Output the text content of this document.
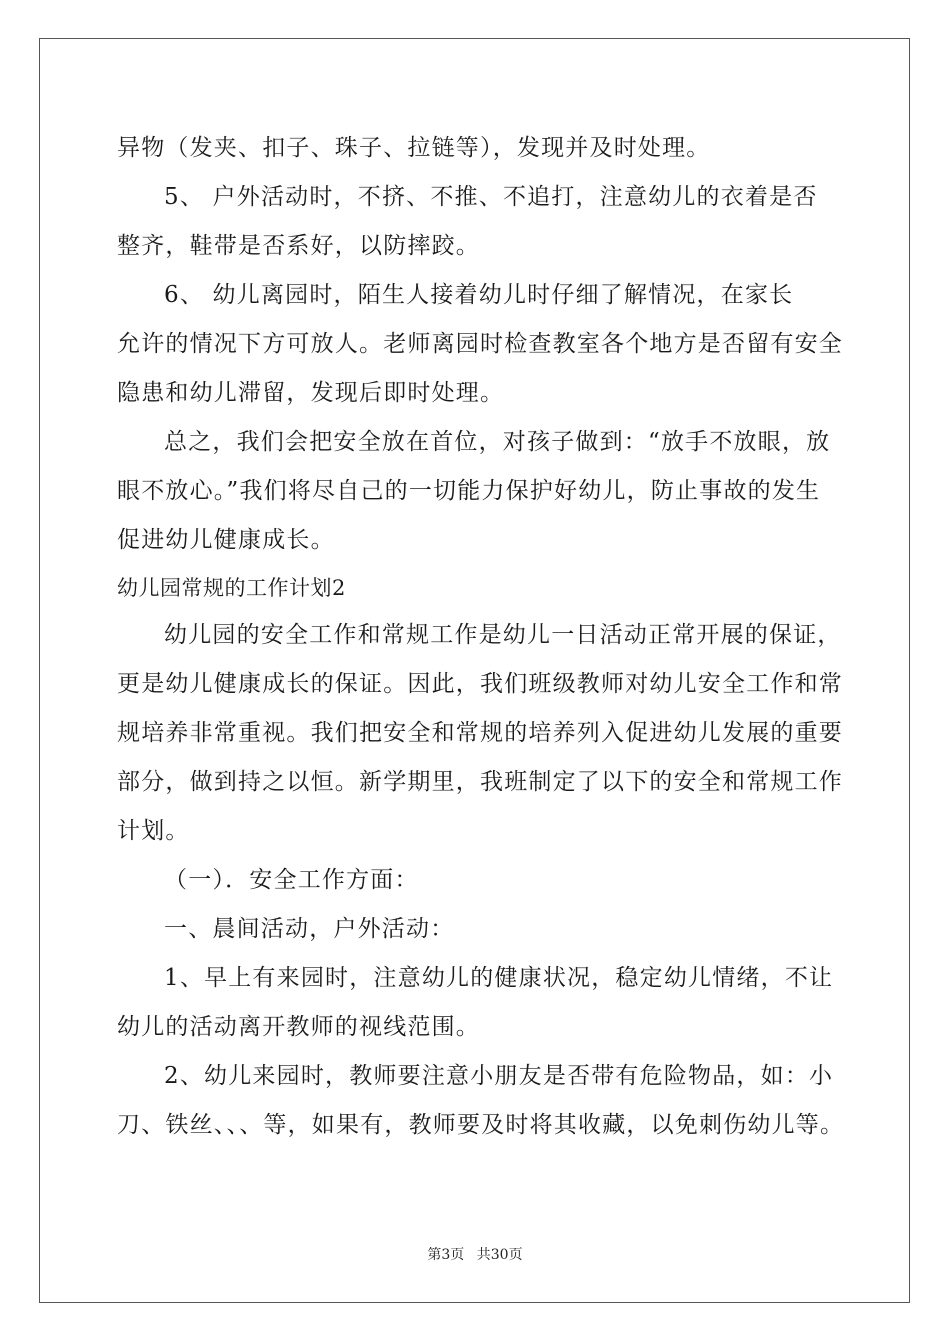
异物（发夹、扣子、珠子、拉链等），发现并及时处理。
5、 户外活动时，不挤、不推、不追打，注意幼儿的衣着是否
整齐，鞋带是否系好，以防摔跤。
6、 幼儿离园时，陌生人接着幼儿时仔细了解情况，在家长
允许的情况下方可放人。老师离园时检查教室各个地方是否留有安全
隐患和幼儿滞留，发现后即时处理。
总之，我们会把安全放在首位，对孩子做到：“放手不放眼，放
眼不放心。”我们将尽自己的一切能力保护好幼儿，防止事故的发生
促进幼儿健康成长。
幼儿园常规的工作计划2
幼儿园的安全工作和常规工作是幼儿一日活动正常开展的保证，
更是幼儿健康成长的保证。因此，我们班级教师对幼儿安全工作和常
规培养非常重视。我们把安全和常规的培养列入促进幼儿发展的重要
部分，做到持之以恒。新学期里，我班制定了以下的安全和常规工作
计划。
（一）．安全工作方面：
一、晨间活动，户外活动：
1、早上有来园时，注意幼儿的健康状况，稳定幼儿情绪，不让
幼儿的活动离开教师的视线范围。
2、幼儿来园时，教师要注意小朋友是否带有危险物品，如：小
刀、铁丝、、、等，如果有，教师要及时将其收藏，以免刺伤幼儿等。
第3页 共30页
